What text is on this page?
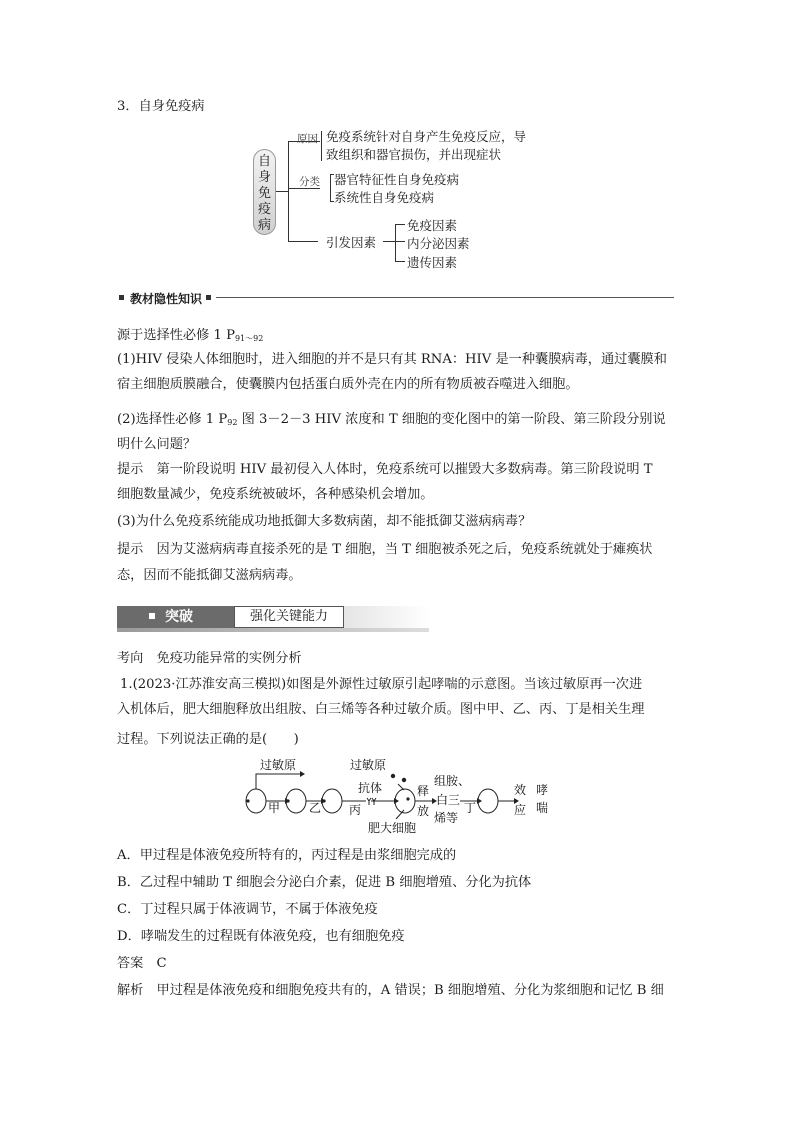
3．自身免疫病
自
身
免
疫
病
原因 免疫系统针对自身产生免疫反应，导
致组织和器官损伤，并出现症状
分类 器官特征性自身免疫病
系统性自身免疫病
引发因素
免疫因素
内分泌因素
遗传因素
教材隐性知识
源于选择性必修 1 $P_{91\sim 92}$
(1)HIV 侵染人体细胞时，进入细胞的并不是只有其 RNA：HIV 是一种囊膜病毒，通过囊膜和
宿主细胞质膜融合，使囊膜内包括蛋白质外壳在内的所有物质被吞噬进入细胞。
(2)选择性必修 1 $P_{92}$ 图 3－2－3 HIV 浓度和 T 细胞的变化图中的第一阶段、第三阶段分别说
明什么问题？
提示　第一阶段说明 HIV 最初侵入人体时，免疫系统可以摧毁大多数病毒。第三阶段说明 T
细胞数量减少，免疫系统被破坏，各种感染机会增加。
(3)为什么免疫系统能成功地抵御大多数病菌，却不能抵御艾滋病病毒？
提示　因为艾滋病病毒直接杀死的是 T 细胞，当 T 细胞被杀死之后，免疫系统就处于瘫痪状
态，因而不能抵御艾滋病病毒。
突破	强化关键能力
考向　免疫功能异常的实例分析
1.(2023·江苏淮安高三模拟)如图是外源性过敏原引起哮喘的示意图。当该过敏原再一次进
入机体后，肥大细胞释放出组胺、白三烯等各种过敏介质。图中甲、乙、丙、丁是相关生理
过程。下列说法正确的是(　　)
过敏原	过敏原
抗体
甲 乙 丙
释
放
组胺、
白三
烯等
丁
效
应
哮
喘
肥大细胞
A．甲过程是体液免疫所特有的，丙过程是由浆细胞完成的
B．乙过程中辅助 T 细胞会分泌白介素，促进 B 细胞增殖、分化为抗体
C．丁过程只属于体液调节，不属于体液免疫
D．哮喘发生的过程既有体液免疫，也有细胞免疫
答案　C
解析　甲过程是体液免疫和细胞免疫共有的，A 错误；B 细胞增殖、分化为浆细胞和记忆 B 细
